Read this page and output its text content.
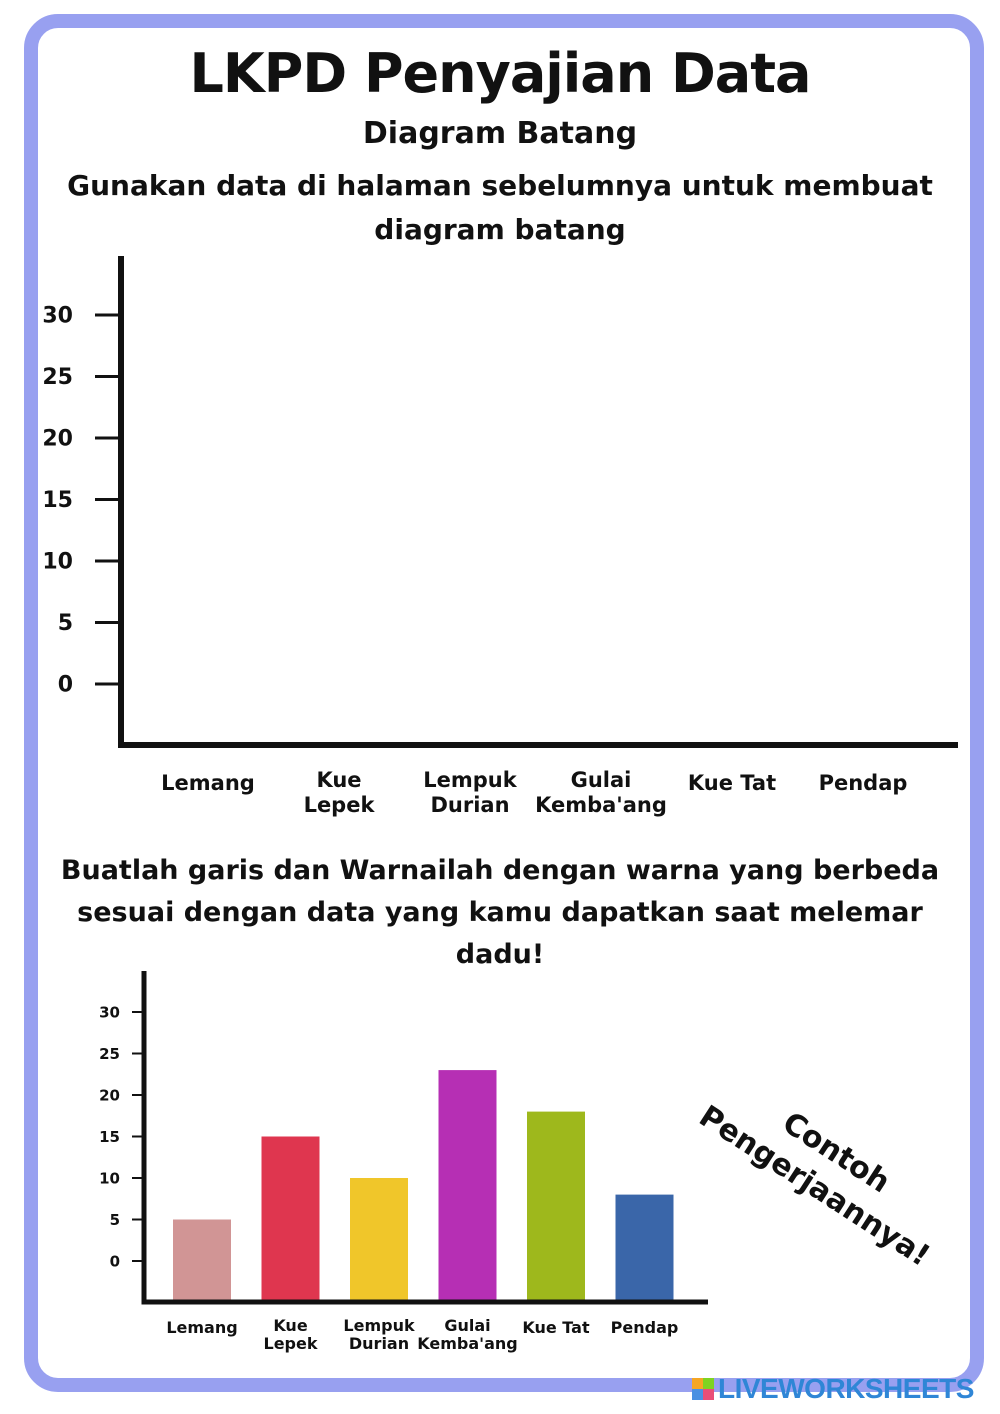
LKPD Penyajian Data
Diagram Batang
Gunakan data di halaman sebelumnya untuk membuat diagram batang
0
5
10
15
20
25
30
Lemang	Kue
Lepek
Lempuk
Durian
Gulai
Kemba'ang
Kue Tat Pendap
Buatlah garis dan Warnailah dengan warna yang berbeda sesuai dengan data yang kamu dapatkan saat melemar dadu!
0
5
10
15
20
25
30
Lemang Kue
Lepek
Lempuk
Durian
Gulai
Kemba'ang
Kue Tat Pendap
Contoh Pengerjaannya!
LIVEWORKSHEETS
